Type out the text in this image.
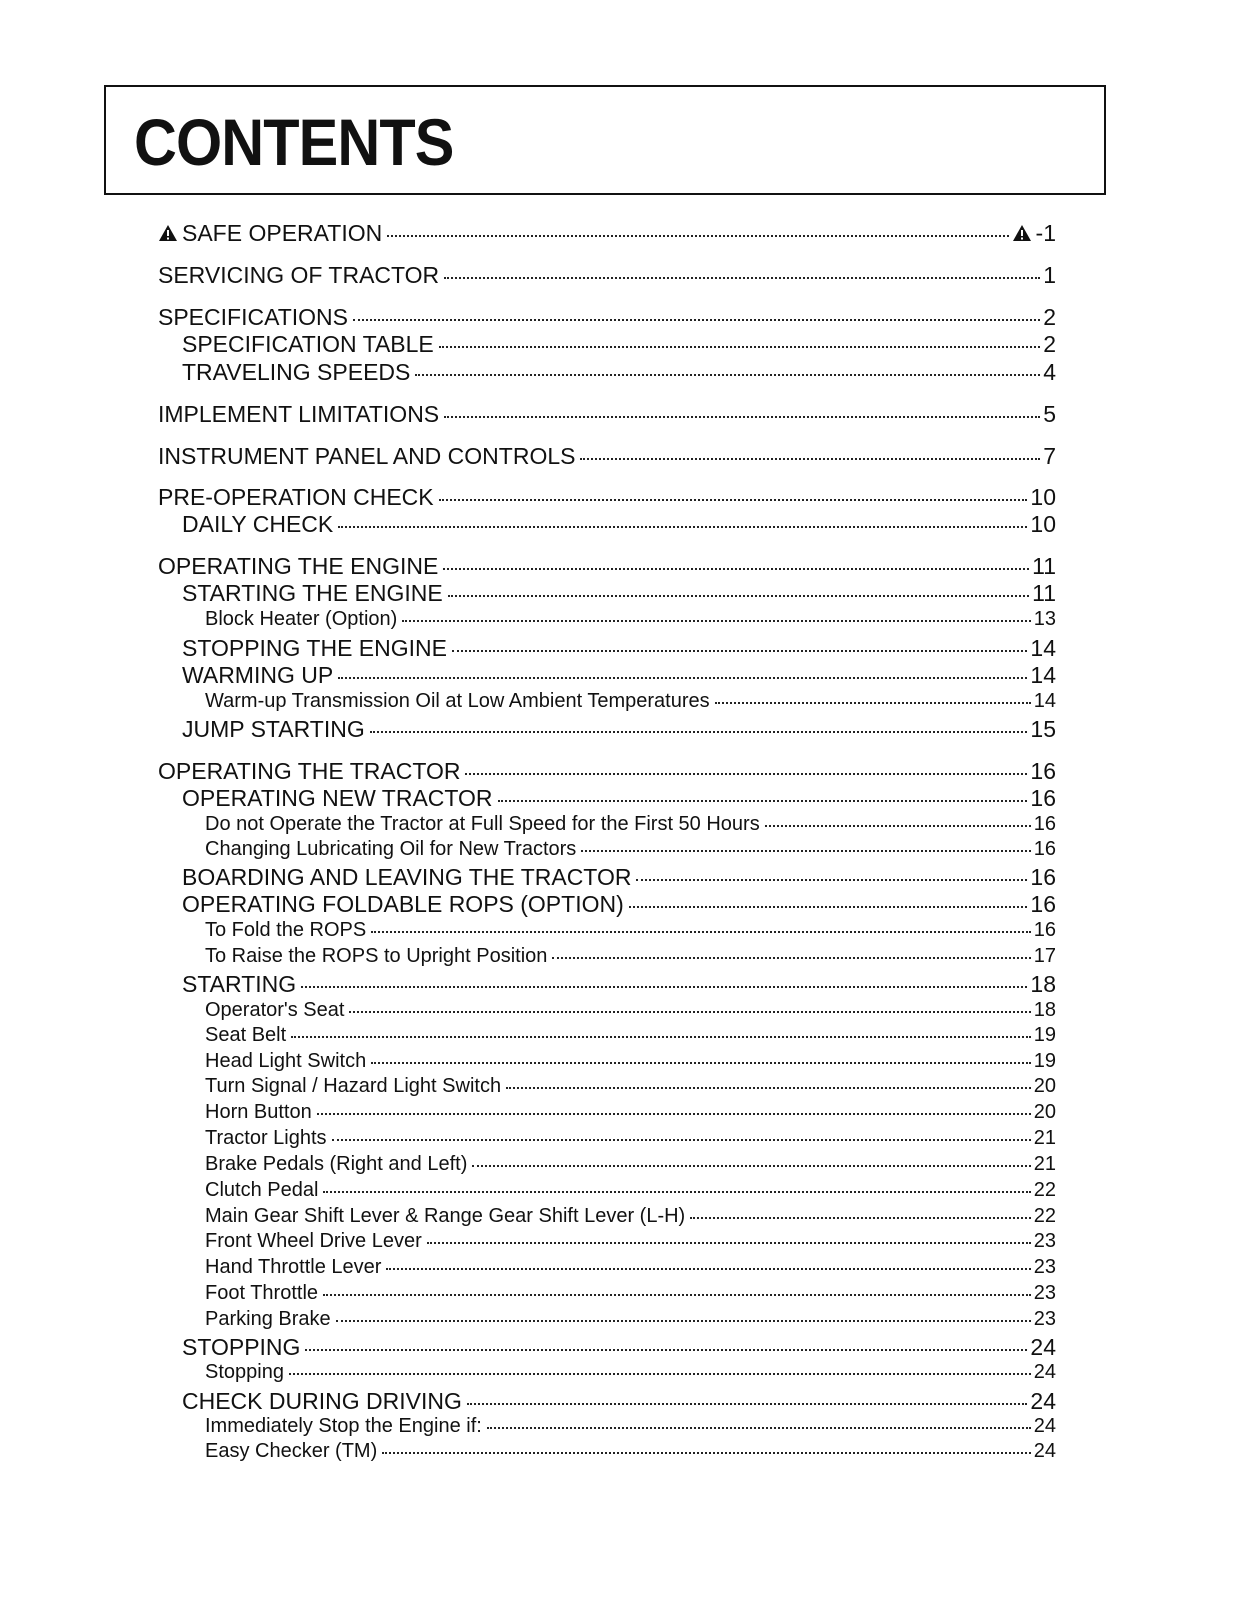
CONTENTS
SAFE OPERATION	-1
SERVICING OF TRACTOR	1
SPECIFICATIONS	2
SPECIFICATION TABLE	2
TRAVELING SPEEDS	4
IMPLEMENT LIMITATIONS	5
INSTRUMENT PANEL AND CONTROLS	7
PRE-OPERATION CHECK	10
DAILY CHECK	10
OPERATING THE ENGINE	11
STARTING THE ENGINE	11
Block Heater (Option)	13
STOPPING THE ENGINE	14
WARMING UP	14
Warm-up Transmission Oil at Low Ambient Temperatures	14
JUMP STARTING	15
OPERATING THE TRACTOR	16
OPERATING NEW TRACTOR	16
Do not Operate the Tractor at Full Speed for the First 50 Hours	16
Changing Lubricating Oil for New Tractors	16
BOARDING AND LEAVING THE TRACTOR	16
OPERATING FOLDABLE ROPS (OPTION)	16
To Fold the ROPS	16
To Raise the ROPS to Upright Position	17
STARTING	18
Operator's Seat	18
Seat Belt	19
Head Light Switch	19
Turn Signal / Hazard Light Switch	20
Horn Button	20
Tractor Lights	21
Brake Pedals (Right and Left)	21
Clutch Pedal	22
Main Gear Shift Lever & Range Gear Shift Lever (L-H)	22
Front Wheel Drive Lever	23
Hand Throttle Lever	23
Foot Throttle	23
Parking Brake	23
STOPPING	24
Stopping	24
CHECK DURING DRIVING	24
Immediately Stop the Engine if:	24
Easy Checker (TM)	24
